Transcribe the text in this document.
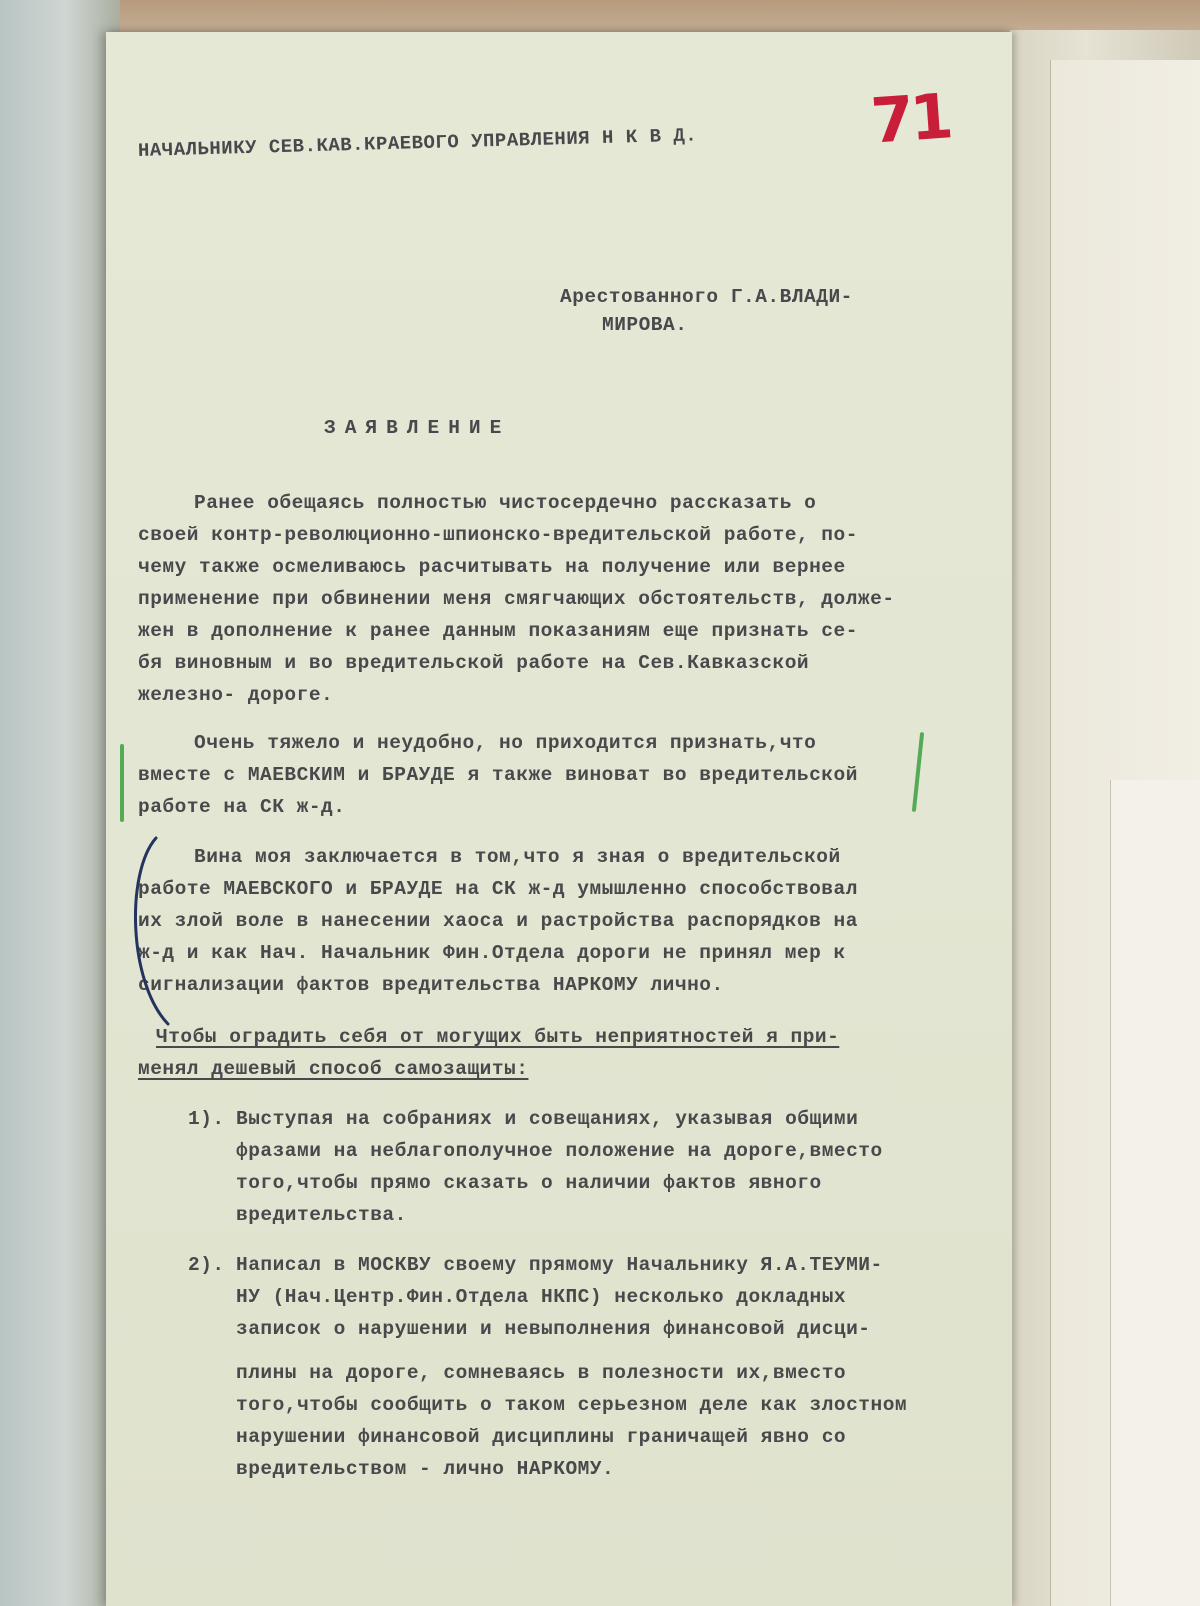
71
НАЧАЛЬНИКУ СЕВ.КАВ.КРАЕВОГО УПРАВЛЕНИЯ Н К В Д.
Арестованного Г.А.ВЛАДИ-
МИРОВА.
ЗАЯВЛЕНИЕ
Ранее обещаясь полностью чистосердечно рассказать о
своей контр-революционно-шпионско-вредительской работе, по-
чему также осмеливаюсь расчитывать на получение или вернее
применение при обвинении меня смягчающих обстоятельств, долже-
жен в дополнение к ранее данным показаниям еще признать се-
бя виновным и во вредительской работе на Сев.Кавказской
железно- дороге.
Очень тяжело и неудобно, но приходится признать,что
вместе с МАЕВСКИМ и БРАУДЕ я также виноват во вредительской
работе на СК ж-д.
Вина моя заключается в том,что я зная о вредительской
работе МАЕВСКОГО и БРАУДЕ на СК ж-д умышленно способствовал
их злой воле в нанесении хаоса и растройства распорядков на
ж-д и как Нач. Начальник Фин.Отдела дороги не принял мер к
сигнализации фактов вредительства НАРКОМУ лично.
Чтобы оградить себя от могущих быть неприятностей я при-
менял дешевый способ самозащиты:
1). Выступая на собраниях и совещаниях, указывая общими
фразами на неблагополучное положение на дороге,вместо
того,чтобы прямо сказать о наличии фактов явного
вредительства.
2). Написал в МОСКВУ своему прямому Начальнику Я.А.ТЕУМИ-
НУ (Нач.Центр.Фин.Отдела НКПС) несколько докладных
записок о нарушении и невыполнения финансовой дисци-
плины на дороге, сомневаясь в полезности их,вместо
того,чтобы сообщить о таком серьезном деле как злостном
нарушении финансовой дисциплины граничащей явно со
вредительством - лично НАРКОМУ.
